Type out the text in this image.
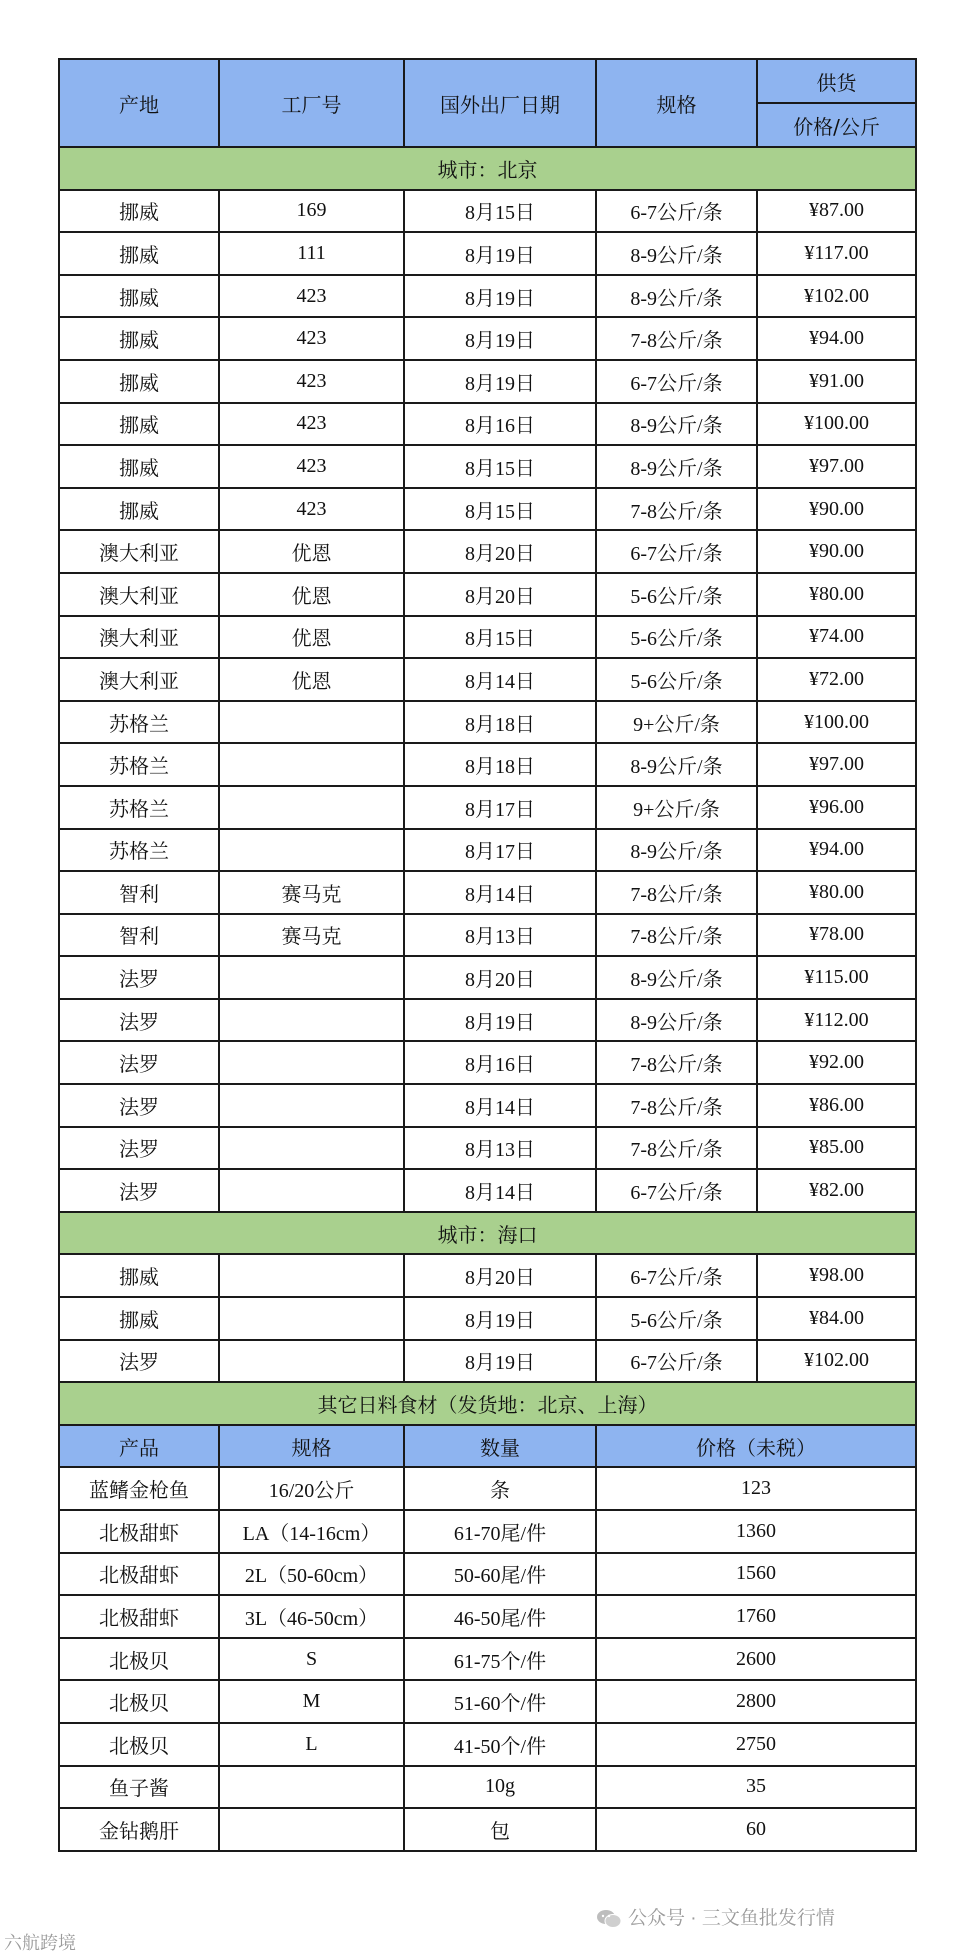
产地	工厂号	国外出厂日期	规格	供货
				价格/公斤
城市：北京				
挪威	169	8月15日	6-7公斤/条	¥87.00
挪威	111	8月19日	8-9公斤/条	¥117.00
挪威	423	8月19日	8-9公斤/条	¥102.00
挪威	423	8月19日	7-8公斤/条	¥94.00
挪威	423	8月19日	6-7公斤/条	¥91.00
挪威	423	8月16日	8-9公斤/条	¥100.00
挪威	423	8月15日	8-9公斤/条	¥97.00
挪威	423	8月15日	7-8公斤/条	¥90.00
澳大利亚	优恩	8月20日	6-7公斤/条	¥90.00
澳大利亚	优恩	8月20日	5-6公斤/条	¥80.00
澳大利亚	优恩	8月15日	5-6公斤/条	¥74.00
澳大利亚	优恩	8月14日	5-6公斤/条	¥72.00
苏格兰		8月18日	9+公斤/条	¥100.00
苏格兰		8月18日	8-9公斤/条	¥97.00
苏格兰		8月17日	9+公斤/条	¥96.00
苏格兰		8月17日	8-9公斤/条	¥94.00
智利	赛马克	8月14日	7-8公斤/条	¥80.00
智利	赛马克	8月13日	7-8公斤/条	¥78.00
法罗		8月20日	8-9公斤/条	¥115.00
法罗		8月19日	8-9公斤/条	¥112.00
法罗		8月16日	7-8公斤/条	¥92.00
法罗		8月14日	7-8公斤/条	¥86.00
法罗		8月13日	7-8公斤/条	¥85.00
法罗		8月14日	6-7公斤/条	¥82.00
城市：海口				
挪威		8月20日	6-7公斤/条	¥98.00
挪威		8月19日	5-6公斤/条	¥84.00
法罗		8月19日	6-7公斤/条	¥102.00
其它日料食材（发货地：北京、上海）				
产品	规格	数量	价格（未税）	
蓝鳍金枪鱼	16/20公斤	条	123	
北极甜虾	LA（14-16cm）	61-70尾/件	1360	
北极甜虾	2L（50-60cm）	50-60尾/件	1560	
北极甜虾	3L（46-50cm）	46-50尾/件	1760	
北极贝	S	61-75个/件	2600	
北极贝	M	51-60个/件	2800	
北极贝	L	41-50个/件	2750	
鱼子酱		10g	35	
金钻鹅肝		包	60	
公众号 · 三文鱼批发行情
六航跨境
